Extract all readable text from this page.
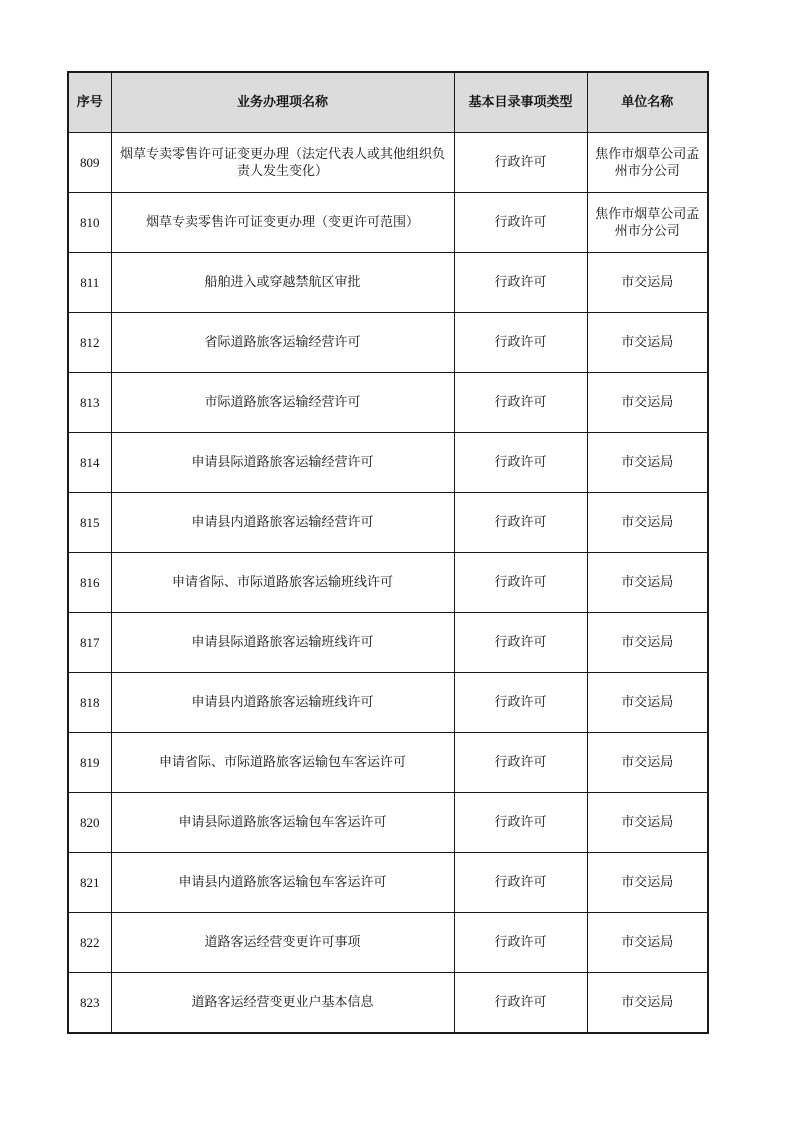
序号	业务办理项名称	基本目录事项类型	单位名称
809	烟草专卖零售许可证变更办理（法定代表人或其他组织负责人发生变化）	行政许可	焦作市烟草公司孟州市分公司
810	烟草专卖零售许可证变更办理（变更许可范围）	行政许可	焦作市烟草公司孟州市分公司
811	船舶进入或穿越禁航区审批	行政许可	市交运局
812	省际道路旅客运输经营许可	行政许可	市交运局
813	市际道路旅客运输经营许可	行政许可	市交运局
814	申请县际道路旅客运输经营许可	行政许可	市交运局
815	申请县内道路旅客运输经营许可	行政许可	市交运局
816	申请省际、市际道路旅客运输班线许可	行政许可	市交运局
817	申请县际道路旅客运输班线许可	行政许可	市交运局
818	申请县内道路旅客运输班线许可	行政许可	市交运局
819	申请省际、市际道路旅客运输包车客运许可	行政许可	市交运局
820	申请县际道路旅客运输包车客运许可	行政许可	市交运局
821	申请县内道路旅客运输包车客运许可	行政许可	市交运局
822	道路客运经营变更许可事项	行政许可	市交运局
823	道路客运经营变更业户基本信息	行政许可	市交运局
